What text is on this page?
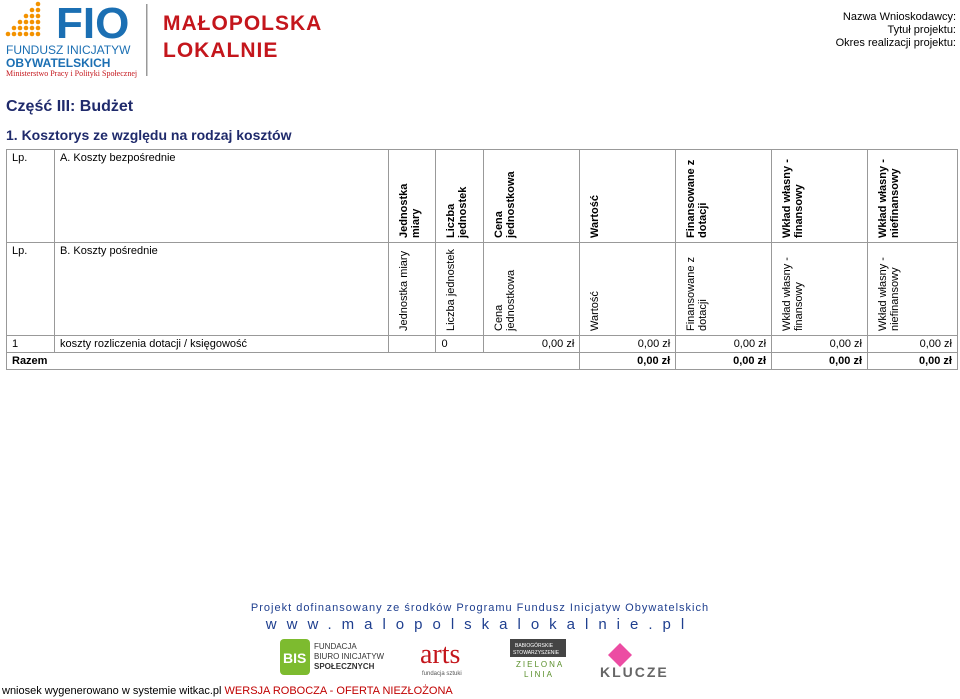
FIO
FUNDUSZ INICJATYW
OBYWATELSKICH
Ministerstwo Pracy i Polityki Społecznej
MAŁOPOLSKA
LOKALNIE
Nazwa Wnioskodawcy:
Tytuł projektu:
Okres realizacji projektu:
Część III: Budżet
1. Kosztorys ze względu na rodzaj kosztów
Lp.	A. Koszty bezpośrednie	Jednostka miary	Liczba jednostek	Cena jednostkowa	Wartość	Finansowane z dotacji	Wkład własny - finansowy	Wkład własny - niefinansowy

Lp.	B. Koszty pośrednie	Jednostka miary	Liczba jednostek	Cena jednostkowa	Wartość	Finansowane z dotacji	Wkład własny - finansowy	Wkład własny - niefinansowy

1	koszty rozliczenia dotacji / księgowość		0	0,00 zł	0,00 zł	0,00 zł	0,00 zł	0,00 zł
Razem					0,00 zł	0,00 zł	0,00 zł	0,00 zł
Projekt dofinansowany ze środków Programu Fundusz Inicjatyw Obywatelskich
www.malopolskalokalnie.pl
BIS
FUNDACJA
BIURO INICJATYW
SPOŁECZNYCH arts
fundacja sztuki
BABIOGÓRSKIE
STOWARZYSZENIE
ZIELONA
LINIA	KLUCZE
wniosek wygenerowano w systemie witkac.pl WERSJA ROBOCZA - OFERTA NIEZŁOŻONA
